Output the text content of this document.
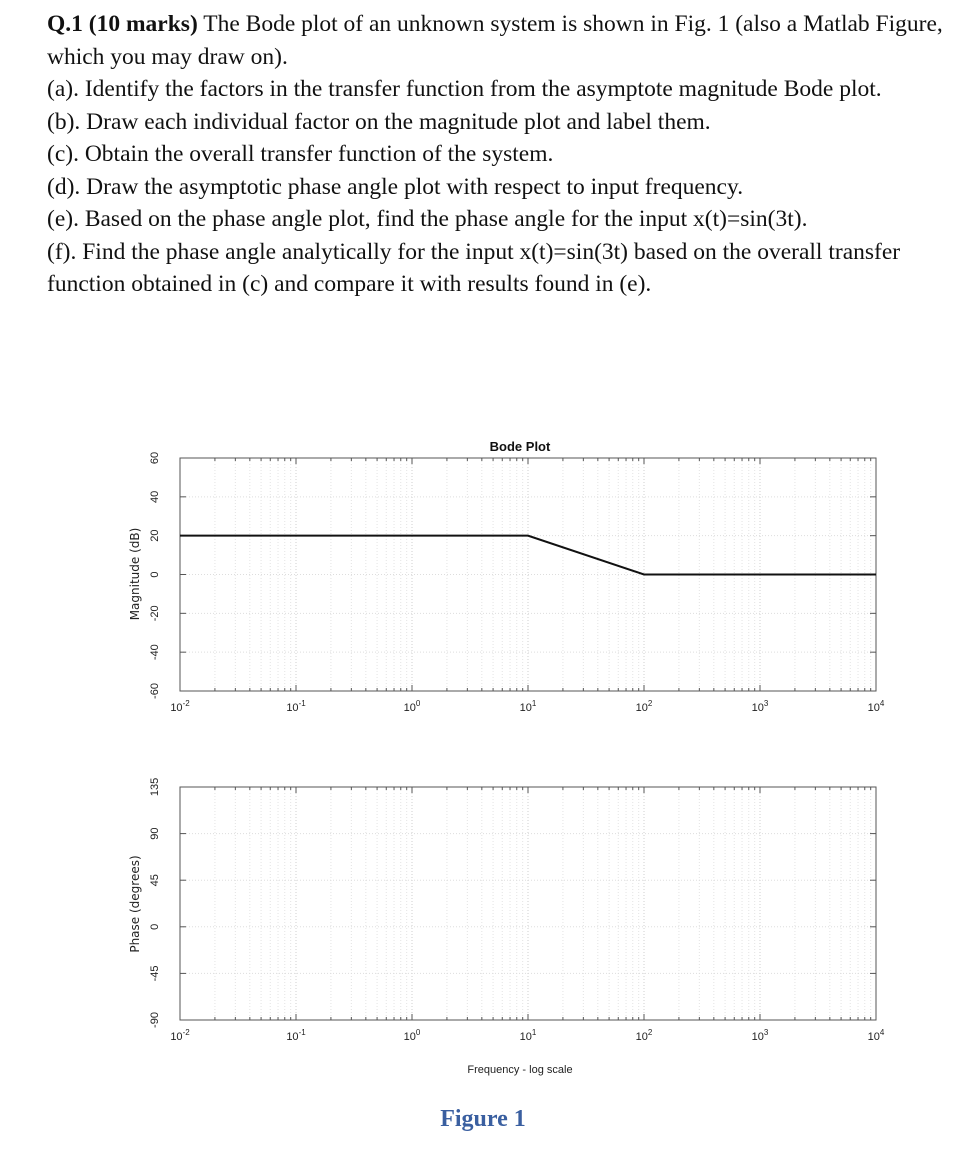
Q.1 (10 marks) The Bode plot of an unknown system is shown in Fig. 1 (also a Matlab Figure, which you may draw on).

(a). Identify the factors in the transfer function from the asymptote magnitude Bode plot.

(b). Draw each individual factor on the magnitude plot and label them.

(c). Obtain the overall transfer function of the system.

(d). Draw the asymptotic phase angle plot with respect to input frequency.

(e). Based on the phase angle plot, find the phase angle for the input x(t)=sin(3t).

(f). Find the phase angle analytically for the input x(t)=sin(3t) based on the overall transfer function obtained in (c) and compare it with results found in (e).

Bode Plot
Magnitude (dB)
60
40
20
0
-20
-40
-60
$10^{-2}$	$10^{-1}$	$10^0$	$10^1$	$10^2$	$10^3$	$10^4$
Phase (degrees)
135
90
45
0
-45
-90
$10^{-2}$	$10^{-1}$	$10^0$	$10^1$	$10^2$	$10^3$	$10^4$
Frequency - log scale
Figure 1
